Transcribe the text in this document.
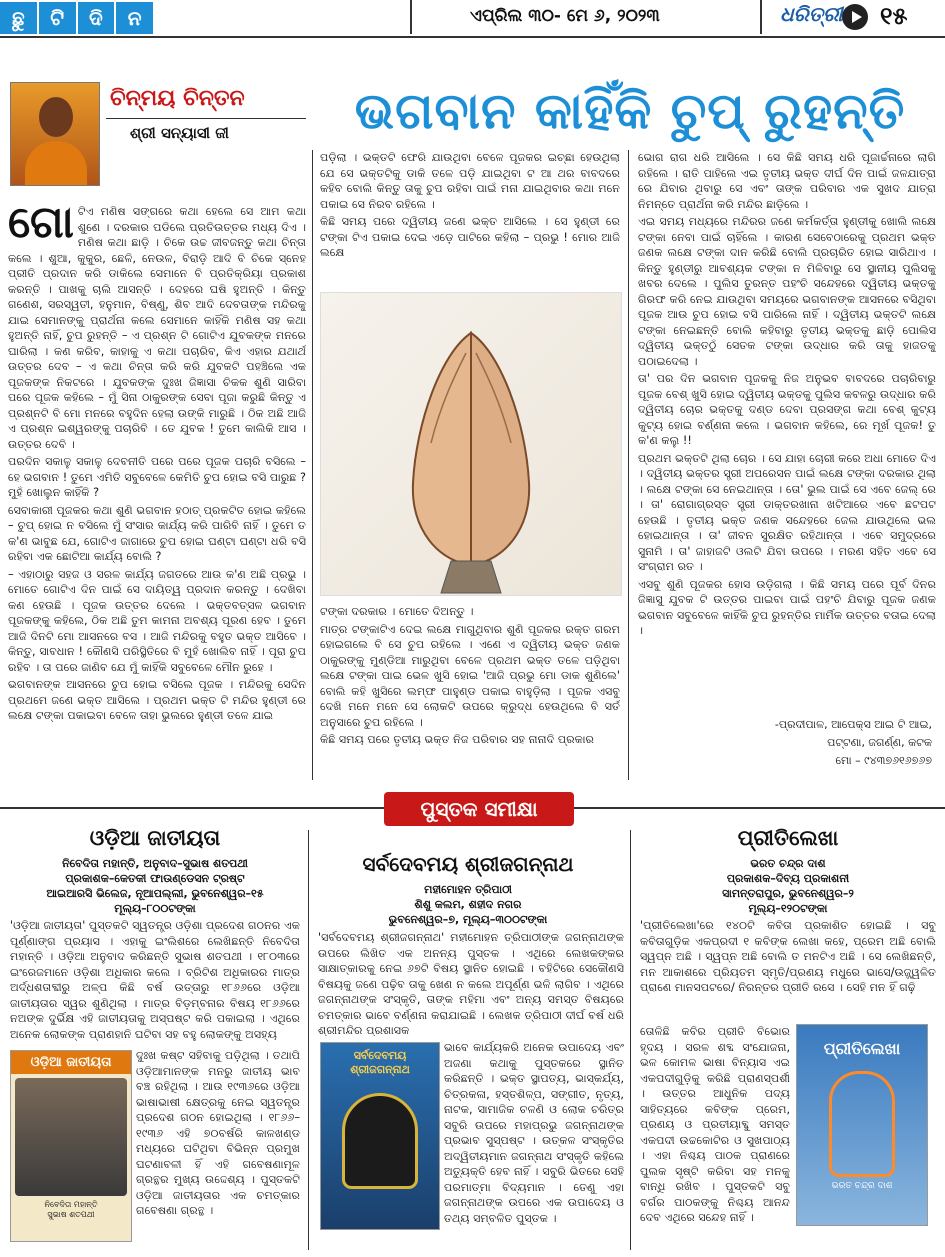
ଛୁ	ଟି	ଦି	ନ	ଏପ୍ରିଲ ୩୦- ମେ ୬, ୨୦୨୩	ଧରିତ୍ରୀ ୧୫
ଚିନ୍ମୟ ଚିନ୍ତନ
ଶ୍ରୀ ସନ୍ୟାସୀ ଜୀ	ଭଗବାନ କାହିଁକି ଚୁପ୍ ରୁହନ୍ତି
ଗୋ ଟିଏ ମଣିଷ ସଙ୍ଗରେ କଥା ହେଲେ ସେ ଆମ କଥା ଶୁଣେ । ଦରକାର ପଡିଲେ ପ୍ରତିଉତ୍ତର ମଧ୍ୟ ଦିଏ । ମଣିଷ କଥା ଛାଡ଼ି । ଚିକେ ଉଚ୍ଚ ଜୀବଜନ୍ତୁ କଥା ଚିନ୍ତା କଲେ । ଶୁଆ, କୁକୁର, ଛେଳି, ନେଉଳ, ବିରାଡ଼ି ଆଦି ବି ଚିକେ ସ୍ନେହ ପ୍ରୀତି ପ୍ରଦାନ କରି ଡାକିଲେ ସେମାନେ ବି ପ୍ରତିକ୍ରିୟା ପ୍ରକାଶ କରନ୍ତି । ପାଖକୁ ଚାଲି ଆସନ୍ତି । ଦେହରେ ଘଷି ହୁଅନ୍ତି । କିନ୍ତୁ ଗଣେଶ, ସରସ୍ୱତୀ, ହନୁମାନ, ବିଷ୍ଣୁ, ଶିବ ଆଦି ଦେବତାଙ୍କ ମନ୍ଦିରକୁ ଯାଇ ସେମାନଙ୍କୁ ପ୍ରାର୍ଥନା କଲେ ସେମାନେ କାହିଁକି ମଣିଷ ସହ କଥା ହୁଅନ୍ତି ନାହିଁ, ଚୁପ ରୁହନ୍ତି – ଏ ପ୍ରଶ୍ନ ଟି ଗୋଟିଏ ଯୁବକଙ୍କ ମନରେ ଘାରିଲା । କଣ କରିବ, କାହାକୁ ଏ କଥା ପଚାରିବ, କିଏ ଏହାର ଯଥାର୍ଥ ଉତ୍ତର ଦେବ – ଏ କଥା ଚିନ୍ତା କରି କରି ଯୁବକଟି ପହଞ୍ଚିଲେ ଏକ ପୂଜକଙ୍କ ନିକଟରେ । ଯୁବକଙ୍କ ଦୁଃଖ ଜିଜ୍ଞାସା ଚିକକ ଶୁଣି ସାରିବା ପରେ ପୂଜକ କହିଲେ – ମୁଁ ସିନା ଠାକୁରଙ୍କ ସେବା ପୂଜା କରୁଛି କିନ୍ତୁ ଏ ପ୍ରଶ୍ନଟି ବି ମୋ ମନରେ ବହୁଦିନ ହେଲା ଉଙ୍କି ମାରୁଛି । ଠିକ ଅଛି ଆଜି ଏ ପ୍ରଶ୍ନ ଇଶ୍ୱରଙ୍କୁ ପଚାରିବି । ତେ ଯୁବକ ! ତୁମେ କାଲିକି ଆସ । ଉତ୍ତର ଦେବି ।

ପରଦିନ ସକାଳୁ ସକାଳୁ ଦେବନୀତି ପରେ ପରେ ପୂଜକ ପଚାରି ବସିଲେ – ହେ ଭଗବାନ ! ତୁମେ ଏମିତି ସବୁବେଳେ କେମିତି ଚୁପ ହୋଇ ବସି ପାରୁଛ ? ମୁହଁ ଖୋଲୁନ କାହିଁକି ?

ସେବାକାରୀ ପୂଜକର କଥା ଶୁଣି ଭଗବାନ ହଠାତ୍ ପ୍ରକଟିତ ହୋଇ କହିଲେ – ଚୁପ୍ ହୋଇ ନ ବସିଲେ ମୁଁ ସଂସାର କାର୍ଯ୍ୟ କରି ପାରିବି ନାହିଁ । ତୁମେ ତ କ'ଣ ଭାବୁଛ ଯେ, ଗୋଟିଏ ଜାଗାରେ ଚୁପ ହୋଇ ଘଣ୍ଟା ଘଣ୍ଟା ଧରି ବସି ରହିବା ଏକ ଛୋଟିଆ କାର୍ଯ୍ୟ ବୋଲି ?

– ଏହାଠାରୁ ସହଜ ଓ ସରଳ କାର୍ଯ୍ୟ ଜଗତରେ ଆଉ କ'ଣ ଅଛି ପ୍ରଭୁ । ମୋତେ ଗୋଟିଏ ଦିନ ପାଇଁ ସେ ଦାୟିତ୍ୱ ପ୍ରଦାନ କରନ୍ତୁ । ଦେଖିବା କଣ ହେଉଛି । ପୂଜକ ଉତ୍ତର ଦେଲେ । ଭକ୍ତବତ୍ସଳ ଭଗବାନ ପୂଜକଙ୍କୁ କହିଲେ, ଠିକ ଅଛି ତୁମ କାମନା ଅବଶ୍ୟ ପୂରଣ ହେବ । ତୁମେ ଆଜି ଦିନଟି ମୋ ଆସନରେ ବସ । ଆଜି ମନ୍ଦିରକୁ ବହୁତ ଭକ୍ତ ଆସିବେ । କିନ୍ତୁ, ସାବଧାନ ! କୌଣସି ପରିସ୍ଥିତିରେ ବି ମୁହଁ ଖୋଲିବ ନାହିଁ । ପୂରା ଚୁପ ରହିବ । ତା ପରେ ଜାଣିବ ଯେ ମୁଁ କାହିଁକି ସବୁବେଳେ ମୌନ ରୁହେ ।

ଭଗବାନଙ୍କ ଆସନରେ ଚୁପ ହୋଇ ବସିଲେ ପୂଜକ । ମନ୍ଦିରକୁ ସେଦିନ ପ୍ରଥମେ ଜଣେ ଭକ୍ତ ଆସିଲେ । ପ୍ରଥମ ଭକ୍ତ ଟି ମନ୍ଦିର ହୁଣ୍ଡୀ ରେ ଲକ୍ଷେ ଟଙ୍କା ପକାଇବା ବେଳେ ତାହା ଭୁଲରେ ହୁଣ୍ଡୀ ତଳେ ଯାଇ

ପଡ଼ିଲା । ଭକ୍ତଟି ଫେରି ଯାଉଥିବା ବେଳେ ପୂଜକର ଇଚ୍ଛା ହେଉଥିଲା ଯେ ସେ ଭକ୍ତଟିକୁ ଡାକି ତଳେ ପଡ଼ି ଯାଇଥିବା ଟ ଆ ଥର ବାବଦରେ କହିବ ବୋଲି କିନ୍ତୁ ତାକୁ ଚୁପ ରହିବା ପାଇଁ ମନା ଯାଇଥିବାର କଥା ମନେ ପକାଇ ସେ ନିରବ ରହିଲେ ।

କିଛି ସମୟ ପରେ ଦ୍ୱିତୀୟ ଜଣେ ଭକ୍ତ ଆସିଲେ । ସେ ହୁଣ୍ଡୀ ରେ ଟଙ୍କା ଟିଏ ପକାଇ ଦେଇ ଏଡ଼େ ପାଟିରେ କହିଲା – ପ୍ରଭୁ ! ମୋର ଆଜି ଲକ୍ଷେ

ଟଙ୍କା ଦରକାର । ମୋତେ ଦିଅନ୍ତୁ ।

ମାତ୍ର ଟଙ୍କାଟିଏ ଦେଇ ଲକ୍ଷେ ମାଗୁଥିବାର ଶୁଣି ପୂଜକର ରକ୍ତ ଗରମ ହୋଇଗଲେ ବି ସେ ଚୁପ ରହିଲେ । ଏଣେ ଏ ଦ୍ୱିତୀୟ ଭକ୍ତ ଜଣକ ଠାକୁରଙ୍କୁ ମୁଣ୍ଡିଆ ମାରୁଥିବା ବେଳେ ପ୍ରଥମ ଭକ୍ତ ତଳେ ପଡ଼ିଥିବା ଲକ୍ଷେ ଟଙ୍କା ପାଇ ଭେଳ ଖୁସି ହୋଇ 'ଆଜି ପ୍ରଭୁ ମୋ ଡାକ ଶୁଣିଲେ' ବୋଲି କହି ଖୁସିରେ ଲମ୍ଫ ପାହୁଣ୍ଡ ପକାଇ ବାହୁଡ଼ିଲା । ପୂଜକ ଏସବୁ ଦେଖି ମନେ ମନେ ସେ ଲୋକଟି ଉପରେ କ୍ରୁଦ୍ଧ ହେଉଥିଲେ ବି ସର୍ତ ଅନୁସାରେ ଚୁପ ରହିଲେ ।

କିଛି ସମୟ ପରେ ତୃତୀୟ ଭକ୍ତ ନିଜ ପରିବାର ସହ ନାନାଦି ପ୍ରକାର

ଭୋଗ ରାଗ ଧରି ଆସିଲେ । ସେ କିଛି ସମୟ ଧରି ପୂଜାର୍ଚ୍ଚନାରେ ଲାଗି ରହିଲେ । ରାତି ପାହିଲେ ଏଇ ତୃତୀୟ ଭକ୍ତ ଦୀର୍ଘ ଦିନ ପାଇଁ ଜଳଯାତ୍ରା ରେ ଯିବାର ଥିବାରୁ ସେ ଏବଂ ତାଙ୍କ ପରିବାର ଏକ ସୁଖଦ ଯାତ୍ରା ନିମନ୍ତେ ପ୍ରାର୍ଥନା କରି ମନ୍ଦିର ଛାଡ଼ିଲେ ।

ଏଇ ସମୟ ମଧ୍ୟରେ ମନ୍ଦିରର ଜଣେ କର୍ମକର୍ତ୍ତା ହୁଣ୍ଡୀକୁ ଖୋଲି ଲକ୍ଷେ ଟଙ୍କା ନେବା ପାଇଁ ଚାହିଁଲେ । କାରଣ ସେବେଠାରେକୁ ପ୍ରଥମ ଭକ୍ତ ଜଣକ ଲକ୍ଷେ ଟଙ୍କା ଦାନ କରିଛି ବୋଲି ପ୍ରଚାରିତ ହୋଇ ସାରିଥାଏ । କିନ୍ତୁ ହୁଣ୍ଡୀରୁ ଆବଶ୍ୟକ ଟଙ୍କା ନ ମିଳିବାରୁ ସେ ସ୍ଥାନୀୟ ପୁଲିସକୁ ଖବର ଦେଲେ । ପୁଲିସ ତୁରନ୍ତ ପହଂଚି ସନ୍ଦେହରେ ଦ୍ୱିତୀୟ ଭକ୍ତକୁ ଗିରଫ କରି ନେଇ ଯାଉଥିବା ସମୟରେ ଭଗବାନଙ୍କ ଆସନରେ ବସିଥିବା ପୂଜକ ଆଉ ଚୁପ ହୋଇ ବସି ପାରିଲେ ନାହିଁ । ଦ୍ୱିତୀୟ ଭକ୍ତଟି ଲକ୍ଷେ ଟଙ୍କା ନେଇଛନ୍ତି ବୋଲି କହିବାରୁ ତୃତୀୟ ଭକ୍ତକୁ ଛାଡ଼ି ପୋଲିସ ଦ୍ୱିତୀୟ ଭକ୍ତଠୁଁ ସେତକ ଟଙ୍କା ଉଦ୍ଧାର କରି ତାକୁ ହାଜତକୁ ପଠାଇଦେଲା ।

ତା' ପର ଦିନ ଭଗବାନ ପୂଜକକୁ ନିଜ ଅନୁଭବ ବାବଦରେ ପଚାରିବାରୁ ପୂଜକ ବେଶ୍ ଖୁସି ହୋଇ ଦ୍ୱିତୀୟ ଭକ୍ତକୁ ପୁଲିସ କବଳରୁ ଉଦ୍ଧାର କରି ଦ୍ୱିତୀୟ ଚୋର ଭକ୍ତକୁ ଦଣ୍ଡ ଦେବା ପ୍ରସଙ୍ଗ କଥା ବେଶ୍ କୁଟ୍ୟ କୁଟ୍ୟ ହୋଇ ବର୍ଣ୍ଣନା କଲେ । ଭଗବାନ କହିଲେ, ରେ ମୂର୍ଖ ପୂଜକ! ତୁ କ'ଣ କଲୁ !!

ପ୍ରଥମ ଭକ୍ତଟି ଥିଲା ଚୋର । ସେ ଯାହା ଚୋରୀ କରେ ଅଧା ମୋତେ ଦିଏ । ଦ୍ୱିତୀୟ ଭକ୍ତର ସ୍ତ୍ରୀ ଅପରେସନ ପାଇଁ ଲକ୍ଷେ ଟଙ୍କା ଦରକାର ଥିଲା । ଲକ୍ଷେ ଟଙ୍କା ସେ ନେଇଥାନ୍ତା । ତୋ' ଭୁଲ ପାଇଁ ସେ ଏବେ ଜେଲ୍ ରେ । ତା' ରୋଗାଗ୍ରସ୍ତ ସ୍ତ୍ରୀ ଡାକ୍ତରଖାନା ଖଟିଆରେ ଏବେ ଛଟପଟ ହେଉଛି । ତୃତୀୟ ଭକ୍ତ ଜଣକ ସନ୍ଦେହରେ ଜେଲ ଯାଉଥିଲେ ଭଲ ହୋଇଥାନ୍ତା । ତା' ଜୀବନ ସୁରକ୍ଷିତ ରହିଥାନ୍ତା । ଏବେ ସମୁଦ୍ରରେ ସୁନାମି । ତା' ଜାହାଜଟି ଓଲଟି ଯିବା ଉପରେ । ମରଣ ସହିତ ଏବେ ସେ ସଂଗ୍ରାମ ରତ ।

ଏସବୁ ଶୁଣି ପୂଜକର ହୋସ ଉଡ଼ିଗଲା । କିଛି ସମୟ ପରେ ପୂର୍ବ ଦିନର ଜିଜ୍ଞାସୁ ଯୁବକ ଟି ଉତ୍ତର ପାଇବା ପାଇଁ ପହଂଚି ଯିବାରୁ ପୂଜକ ଜଣକ ଭଗବାନ ସବୁବେଳେ କାହିଁକି ଚୁପ ରୁହନ୍ତିର ମାର୍ମିକ ଉତ୍ତର ବତାଇ ଦେଲା ।

-ପ୍ରଦୀପାଳ, ଆପେକ୍ସ ଆଇ ଟି ଆଇ,
ପଟ୍ଟଣା, ଜଗର୍ଣ୍ଣ, କଟକ
ମୋ – ୯୪୩୭୬୧୬୭୬୭
ପୁସ୍ତକ ସମୀକ୍ଷା
ଓଡ଼ିଆ ଜାତୀୟତା
ନିବେଦିତା ମହାନ୍ତି, ଅନୁବାଦ–ସୁଭାଷ ଶତପଥୀ
ପ୍ରକାଶକ–କେତକୀ ଫାଉଣ୍ଡେସନ ଟ୍ରଷ୍ଟ
ଆଇଆରସି ଭିଲେଜ, ନୂଆପଲ୍ଲୀ, ଭୁବନେଶ୍ୱର–୧୫
ମୂଲ୍ୟ–୮୦୦ଟଙ୍କା
'ଓଡ଼ିଆ ଜାତୀୟତା' ପୁସ୍ତକଟି ସ୍ୱତନ୍ତ୍ର ଓଡ଼ିଶା ପ୍ରଦେଶ ଗଠନର ଏକ ପୂର୍ଣ୍ଣାଙ୍ଗ ପ୍ରୟାସ । ଏହାକୁ ଇଂଲିଶରେ ଲେଖିଛନ୍ତି ନିବେଦିତା ମହାନ୍ତି । ଓଡ଼ିଆ ଅନୁବାଦ କରିଛନ୍ତି ସୁଭାଷ ଶତପଥୀ । ୧୮୦୩ରେ ଇଂରେଜମାନେ ଓଡ଼ିଶା ଅଧିକାର କଲେ । ବ୍ରିଟିଶ ଅଧିକାରର ମାତ୍ର ଅର୍ଦ୍ଧଶତାବ୍ଦୀରୁ ଅଳ୍ପ କିଛି ବର୍ଷ ଉତ୍ତାରୁ ୧୮୬୬ରେ ଓଡ଼ିଆ ଜାତୀୟତାର ସ୍ୱର ଶୁଣିଥିଲା । ମାତ୍ର ବିଡ଼ମ୍ବନାର ବିଷୟ ୧୮୬୬ରେ ନଅଙ୍କ ଦୁର୍ଭିକ୍ଷ ଏହି ଜାତୀୟତାକୁ ଅସ୍ପଷ୍ଟ କରି ପକାଇଲା । ଏଥିରେ ଅନେକ ଲୋକଙ୍କ ପ୍ରାଣହାନି ଘଟିବା ସହ ବହୁ ଲୋକଙ୍କୁ ଅସହ୍ୟ
ଓଡ଼ିଆ ଜାତୀୟତା
ନିବେଦିତା ମହାନ୍ତି
ସୁଭାଷ ଶତପଥୀ
ଦୁଃଖ କଷ୍ଟ ସହିବାକୁ ପଡ଼ିଥିଲା । ତଥାପି ଓଡ଼ିଆମାନଙ୍କ ମନରୁ ଜାତୀୟ ଭାବ ବଞ୍ଚ ରହିଥିଲା । ଆଉ ୧୯୩୬ରେ ଓଡ଼ିଆ ଭାଷାଭାଷୀ କ୍ଷେତ୍ରକୁ ନେଇ ସ୍ୱତନ୍ତ୍ର ପ୍ରଦେଶ ଗଠନ ହୋଇଥିଲା । ୧୮୬୬–୧୯୩୬ ଏହି ୭୦ବର୍ଷରି କାଳଖଣ୍ଡ ମଧ୍ୟରେ ଘଟିଥିବା ବିଭିନ୍ନ ପ୍ରମୁଖ ଘଟଣାବଳୀ ହିଁ ଏହି ଗବେଷଣାମୂଳ ଗ୍ରନ୍ଥର ମୁଖ୍ୟ ଉଦ୍ଦେଶ୍ୟ । ପୁସ୍ତକଟି ଓଡ଼ିଆ ଜାତୀୟତାର ଏକ ଚମତ୍କାର ଗବେଷଣା ଗ୍ରନ୍ଥ ।
ସର୍ବଦେବମୟ ଶ୍ରୀଜଗନ୍ନାଥ
ମହୀମୋହନ ତ୍ରିପାଠୀ
ଶିଶୁ କଲମ, ଶହୀଦ ନଗର
ଭୁବନେଶ୍ୱର–୭, ମୂଲ୍ୟ–୩୦୦ଟଙ୍କା
'ସର୍ବଦେବମୟ ଶ୍ରୀଜଗନ୍ନାଥ' ମହୀମୋହନ ତ୍ରିପାଠୀଙ୍କ ଜଗନ୍ନାଥଙ୍କ ଉପରେ ଲିଖିତ ଏକ ଅନନ୍ୟ ପୁସ୍ତକ । ଏଥିରେ ଲେଖକଙ୍କର ସାକ୍ଷାତ୍କାରକୁ ନେଇ ୬୭ଟି ବିଷୟ ସ୍ଥାନିତ ହୋଇଛି । ବହିଟିରେ ସେକୌଣସି ବିଷୟକୁ ଜଣେ ପଢ଼ିବ ତାକୁ ଖେଣ ନ କଲେ ଅପୂର୍ଣ୍ଣ ଭଳି ଲାଗିବ । ଏଥିରେ ଜଗନ୍ନାଥଙ୍କ ସଂସ୍କୃତି, ତାଙ୍କ ମହିମା ଏବଂ ଅନ୍ୟ ସମସ୍ତ ବିଷୟରେ ଚମତ୍କାର ଭାବେ ବର୍ଣ୍ଣନା କରାଯାଇଛି । ଲେଖକ ତ୍ରିପାଠୀ ଦୀର୍ଘ ବର୍ଷ ଧରି ଶ୍ରୀମନ୍ଦିର ପ୍ରଶାସକ
ସର୍ବଦେବମୟ ଶ୍ରୀଜଗନ୍ନାଥ
ଭାବେ କାର୍ଯ୍ୟକରି ଅନେକ ଉପାଦେୟ ଏବଂ ଅଜଣା କଥାକୁ ପୁସ୍ତକରେ ସ୍ଥାନିତ କରିଛନ୍ତି । ଭକ୍ତ ସ୍ଥାପତ୍ୟ, ଭାସ୍କର୍ଯ୍ୟ, ଚିତ୍ରକଳା, ହସ୍ତଶିଳ୍ପ, ସଙ୍ଗୀତ, ନୃତ୍ୟ, ନାଟକ, ସାମାଜିକ ଚଳଣି ଓ ଲୋକ ଚରିତ୍ର ସବୁରି ଉପରେ ମହାପ୍ରଭୁ ଜଗନ୍ନାଥଙ୍କ ପ୍ରଭାବ ସୁସ୍ପଷ୍ଟ । ଉତ୍କଳ ସଂସ୍କୃତିର ଅଦ୍ୱିତୀୟମାନ ଜଗନ୍ନାଥ ସଂସ୍କୃତି କହିଲେ ଅତ୍ୟୁକ୍ତି ହେବ ନାହିଁ । ସବୁରି ଭିତରେ ସେହି ପରମାତ୍ମା ବିଦ୍ୟମାନ । ତେଣୁ ଏହା ଜଗନ୍ନାଥଙ୍କ ଉପରେ ଏକ ଉପାଦେୟ ଓ ତଥ୍ୟ ସମ୍ବଳିତ ପୁସ୍ତକ ।
ପ୍ରୀତିଲେଖା
ଭରତ ଚନ୍ଦ୍ର ଦାଶ
ପ୍ରକାଶକ–ଦିବ୍ୟ ପ୍ରକାଶନୀ
ସାମନ୍ତରାପୁର, ଭୁବନେଶ୍ୱର–୨
ମୂଲ୍ୟ–୧୨୦ଟଙ୍କା
'ପ୍ରୀତିଲେଖା'ରେ ୧୪୦ଟି କବିତା ପ୍ରକାଶିତ ହୋଇଛି । ସବୁ କବିତାଗୁଡ଼ିକ ଏକପ୍ରଦୀ ୧ କବିଙ୍କ ଲେଖା କହେ, ପ୍ରେମ ଅଛି ବୋଲି ସ୍ୱପ୍ନ ଅଛି । ସ୍ୱପ୍ନ ଅଛି ବୋଲି ତ ମନଟିଏ ଅଛି । ସେ ଲେଖିଛନ୍ତି, ମନ ଆକାଶରେ ପ୍ରିୟତମ ସ୍ମୃତି/ପ୍ରଣୟ ମଧୁରେ ଭାସେ/ଉଜ୍ଜ୍ୱଳିତ ପ୍ରାଣେ ମାନସପଟରେ/ ନିରନ୍ତର ପ୍ରୀତି ରସେ । ସେହି ମନ ହିଁ ଗଢ଼ି
ତୋଳିଛି କବିର ପ୍ରୀତି ବିଭୋର ହୃଦୟ । ସରଳ ଶବ୍ଦ ସଂଯୋଜନା, ଭଳ କୋମଳ ଭାଷା ବିନ୍ୟାସ ଏଇ ଏକପଦୀଗୁଡ଼ିକୁ କରିଛି ପ୍ରାଣସ୍ପର୍ଶୀ । ଉତ୍ତର ଆଧୁନିକ ପଦ୍ୟ ସାହିତ୍ୟରେ କବିଙ୍କ ପ୍ରେମ, ପ୍ରଣୟ ଓ ପ୍ରତୀୟାବ୍ଦୁ ସମସ୍ତ ଏକପଦୀ ଉଚ୍ଚକୋଟିର ଓ ସୁଖପାଠ୍ୟ । ଏହା ନିଶ୍ଚୟ ପାଠକ ପ୍ରାଣରେ ପୁଲକ ସୃଷ୍ଟି କରିବା ସହ ମନକୁ ବାନ୍ଧି ରଖିବ । ପୁସ୍ତକଟି ସବୁ ବର୍ଗର ପାଠକଙ୍କୁ ନିଶ୍ଚୟ ଆନନ୍ଦ ଦେବ ଏଥିରେ ସନ୍ଦେହ ନାହିଁ ।
ପ୍ରୀତିଲେଖା
ଭରତ ଚନ୍ଦ୍ର ଦାଶ
